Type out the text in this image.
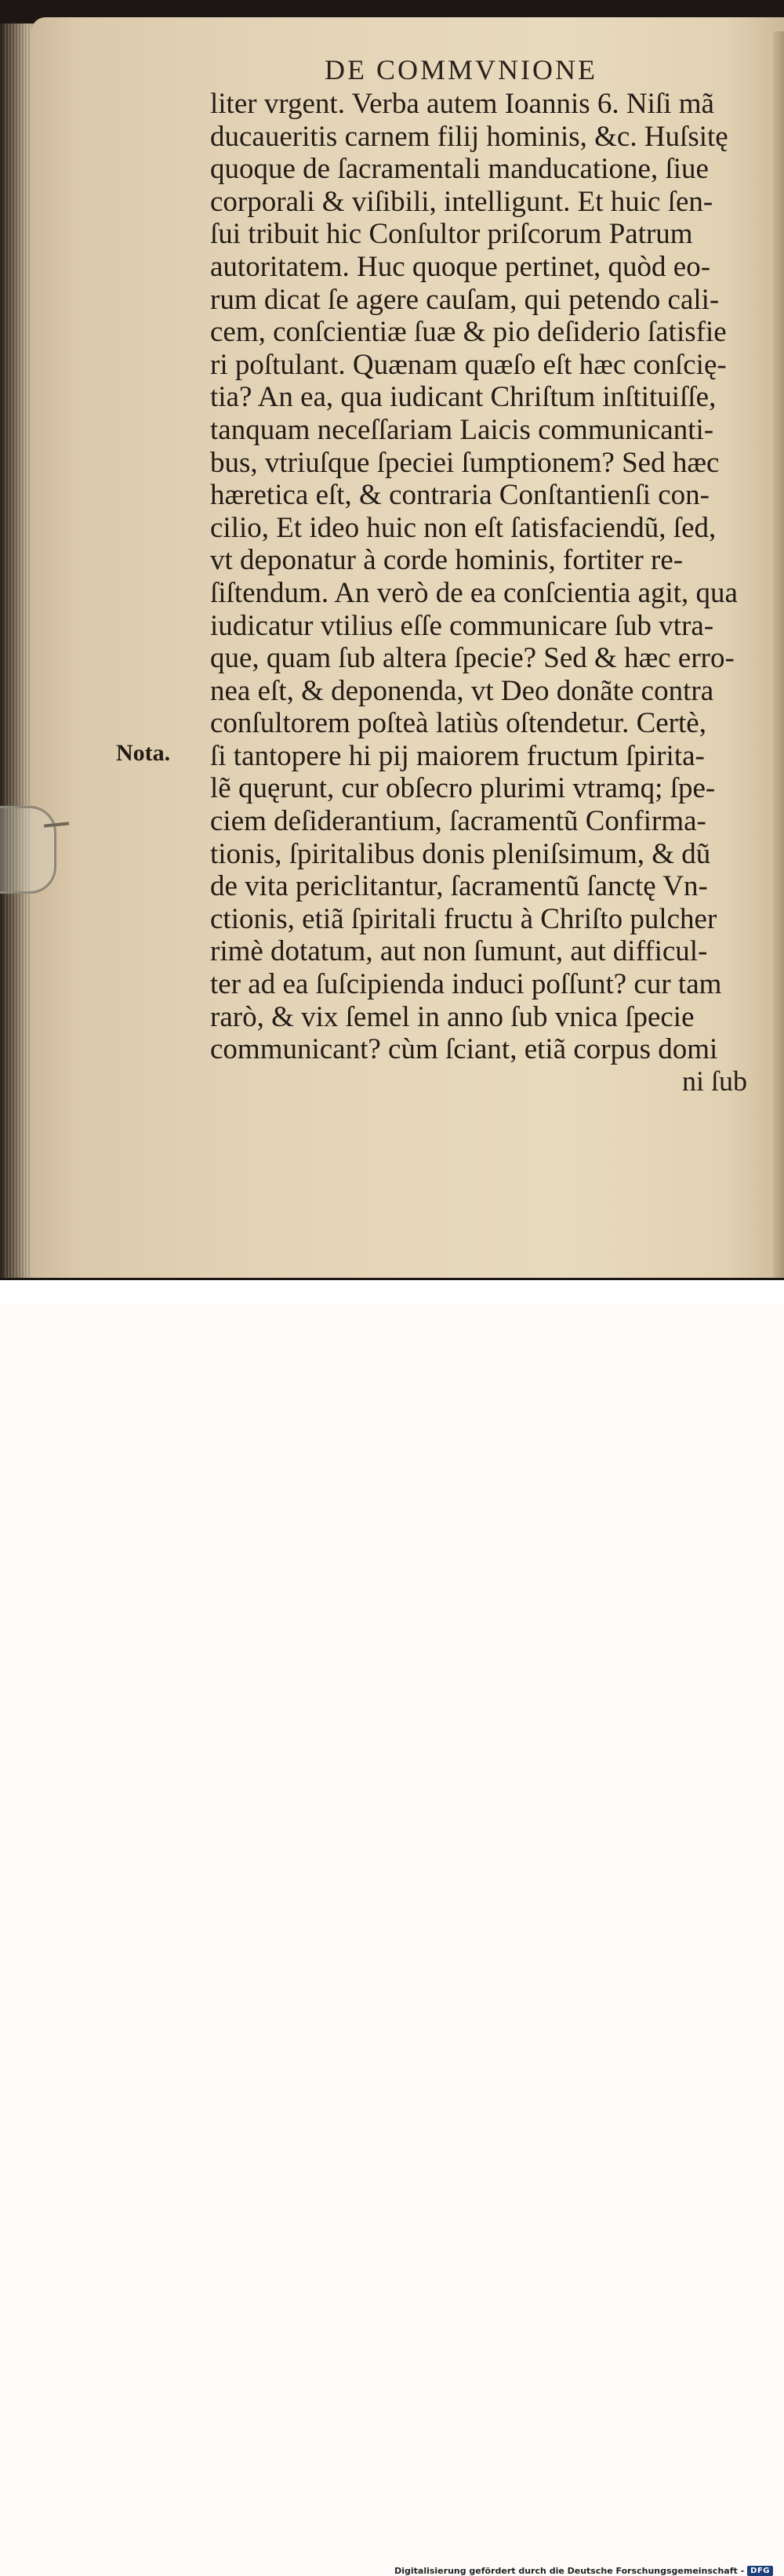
DE COMMVNIONE
liter vrgent. Verba autem Ioannis 6. Niſi mã
ducaueritis carnem filij hominis, &c. Huſsitę
quoque de ſacramentali manducatione, ſiue
corporali & viſibili, intelligunt. Et huic ſen-
ſui tribuit hic Conſultor priſcorum Patrum
autoritatem. Huc quoque pertinet, quòd eo-
rum dicat ſe agere cauſam, qui petendo cali-
cem, conſcientiæ ſuæ & pio deſiderio ſatisfie
ri poſtulant. Quænam quæſo eſt hæc conſcię-
tia? An ea, qua iudicant Chriſtum inſtituiſſe,
tanquam neceſſariam Laicis communicanti-
bus, vtriuſque ſpeciei ſumptionem? Sed hæc
hæretica eſt, & contraria Conſtantienſi con-
cilio, Et ideo huic non eſt ſatisfaciendũ, ſed,
vt deponatur à corde hominis, fortiter re-
ſiſtendum. An verò de ea conſcientia agit, qua
iudicatur vtilius eſſe communicare ſub vtra-
que, quam ſub altera ſpecie? Sed & hæc erro-
nea eſt, & deponenda, vt Deo donãte contra
conſultorem poſteà latiùs oſtendetur. Certè,
ſi tantopere hi pij maiorem fructum ſpirita-
lẽ quęrunt, cur obſecro plurimi vtramq; ſpe-
ciem deſiderantium, ſacramentũ Confirma-
tionis, ſpiritalibus donis pleniſsimum, & dũ
de vita periclitantur, ſacramentũ ſanctę Vn-
ctionis, etiã ſpiritali fructu à Chriſto pulcher
rimè dotatum, aut non ſumunt, aut difficul-
ter ad ea ſuſcipienda induci poſſunt? cur tam
rarò, & vix ſemel in anno ſub vnica ſpecie
communicant? cùm ſciant, etiã corpus domi
ni ſub
Nota.
Digitalisierung gefördert durch die Deutsche Forschungsgemeinschaft - DFG
